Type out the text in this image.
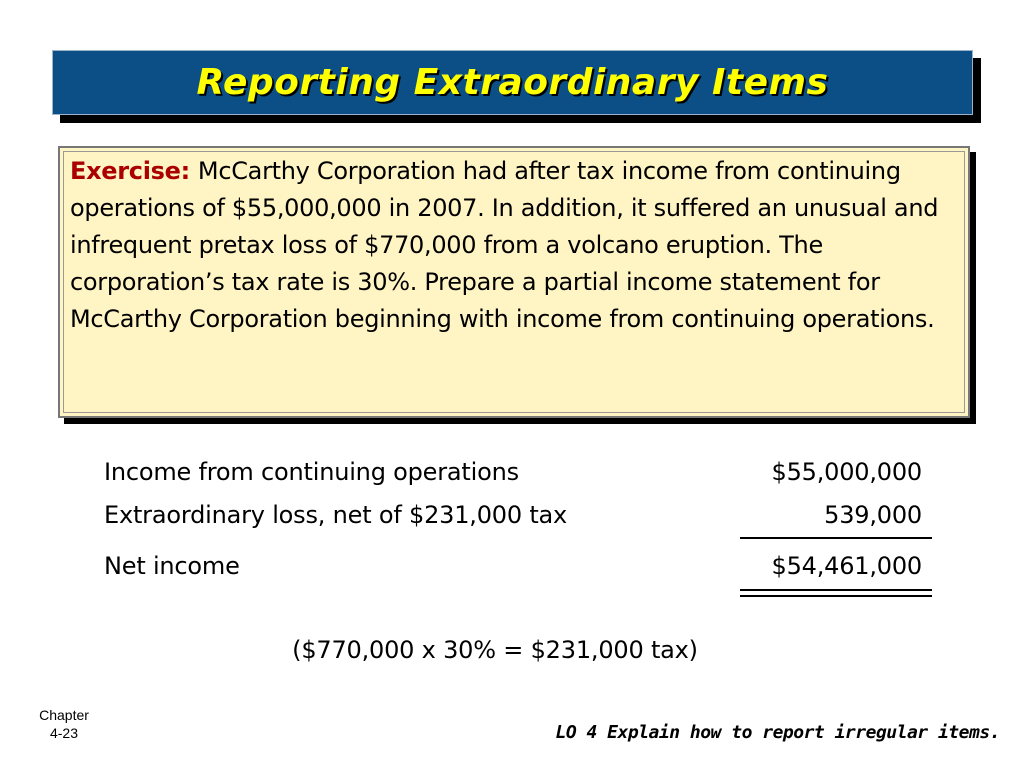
Reporting Extraordinary Items
Exercise: McCarthy Corporation had after tax income from continuing operations of $55,000,000 in 2007. In addition, it suffered an unusual and infrequent pretax loss of $770,000 from a volcano eruption. The corporation’s tax rate is 30%. Prepare a partial income statement for McCarthy Corporation beginning with income from continuing operations.
Income from continuing operations	$55,000,000
Extraordinary loss, net of $231,000 tax	539,000
Net income	$54,461,000
($770,000 x 30% = $231,000 tax)
Chapter
4-23	LO 4 Explain how to report irregular items.
